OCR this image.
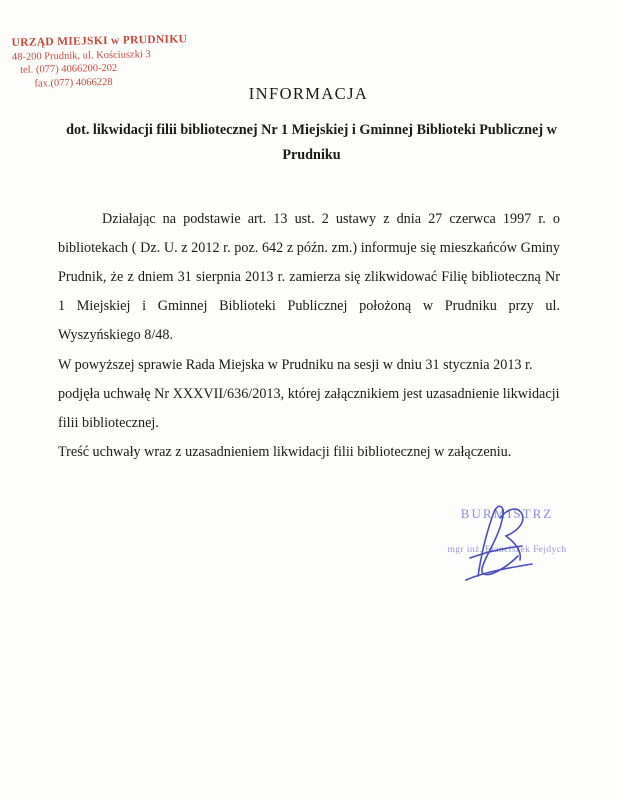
URZĄD MIEJSKI w PRUDNIKU
48-200 Prudnik, ul. Kościuszki 3
tel. (077) 4066200-202
fax.(077) 4066228
INFORMACJA
dot. likwidacji filii bibliotecznej Nr 1 Miejskiej i Gminnej Biblioteki Publicznej w Prudniku

Działając na podstawie art. 13 ust. 2 ustawy z dnia 27 czerwca 1997 r. o bibliotekach ( Dz. U. z 2012 r. poz. 642 z późn. zm.) informuje się mieszkańców Gminy Prudnik, że z dniem 31 sierpnia 2013 r. zamierza się zlikwidować Filię biblioteczną Nr 1 Miejskiej i Gminnej Biblioteki Publicznej położoną w Prudniku przy ul. Wyszyńskiego 8/48.

W powyższej sprawie Rada Miejska w Prudniku na sesji w dniu 31 stycznia 2013 r. podjęła uchwałę Nr XXXVII/636/2013, której załącznikiem jest uzasadnienie likwidacji filii bibliotecznej.

Treść uchwały wraz z uzasadnieniem likwidacji filii bibliotecznej w załączeniu.

BURMISTRZ
mgr inż. Franciszek Fejdych
